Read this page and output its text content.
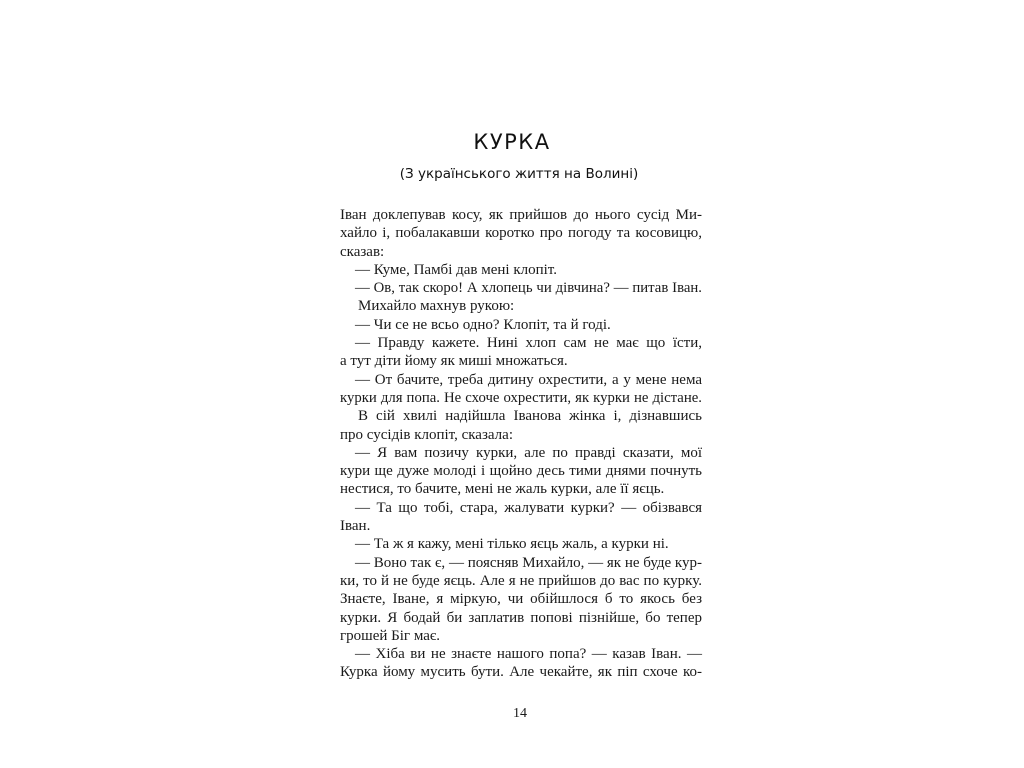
КУРКА

(З українського життя на Волині)

Іван доклепував косу, як прийшов до нього сусід Ми-
хайло і, побалакавши коротко про погоду та косовицю,
сказав:
— Куме, Памбі дав мені клопіт.
— Ов, так скоро! А хлопець чи дівчина? — питав Іван.
Михайло махнув рукою:
— Чи се не всьо одно? Клопіт, та й годі.
— Правду кажете. Нині хлоп сам не має що їсти,
а тут діти йому як миші множаться.
— От бачите, треба дитину охрестити, а у мене нема
курки для попа. Не схоче охрестити, як курки не дістане.
В сій хвилі надійшла Іванова жінка і, дізнавшись
про сусідів клопіт, сказала:
— Я вам позичу курки, але по правді сказати, мої
кури ще дуже молоді і щойно десь тими днями почнуть
нестися, то бачите, мені не жаль курки, але її яєць.
— Та що тобі, стара, жалувати курки? — обізвався
Іван.
— Та ж я кажу, мені тілько яєць жаль, а курки ні.
— Воно так є, — поясняв Михайло, — як не буде кур-
ки, то й не буде яєць. Але я не прийшов до вас по курку.
Знаєте, Іване, я міркую, чи обійшлося б то якось без
курки. Я бодай би заплатив попові пізнійше, бо тепер
грошей Біг має.
— Хіба ви не знаєте нашого попа? — казав Іван. —
Курка йому мусить бути. Але чекайте, як піп схоче ко-

14
